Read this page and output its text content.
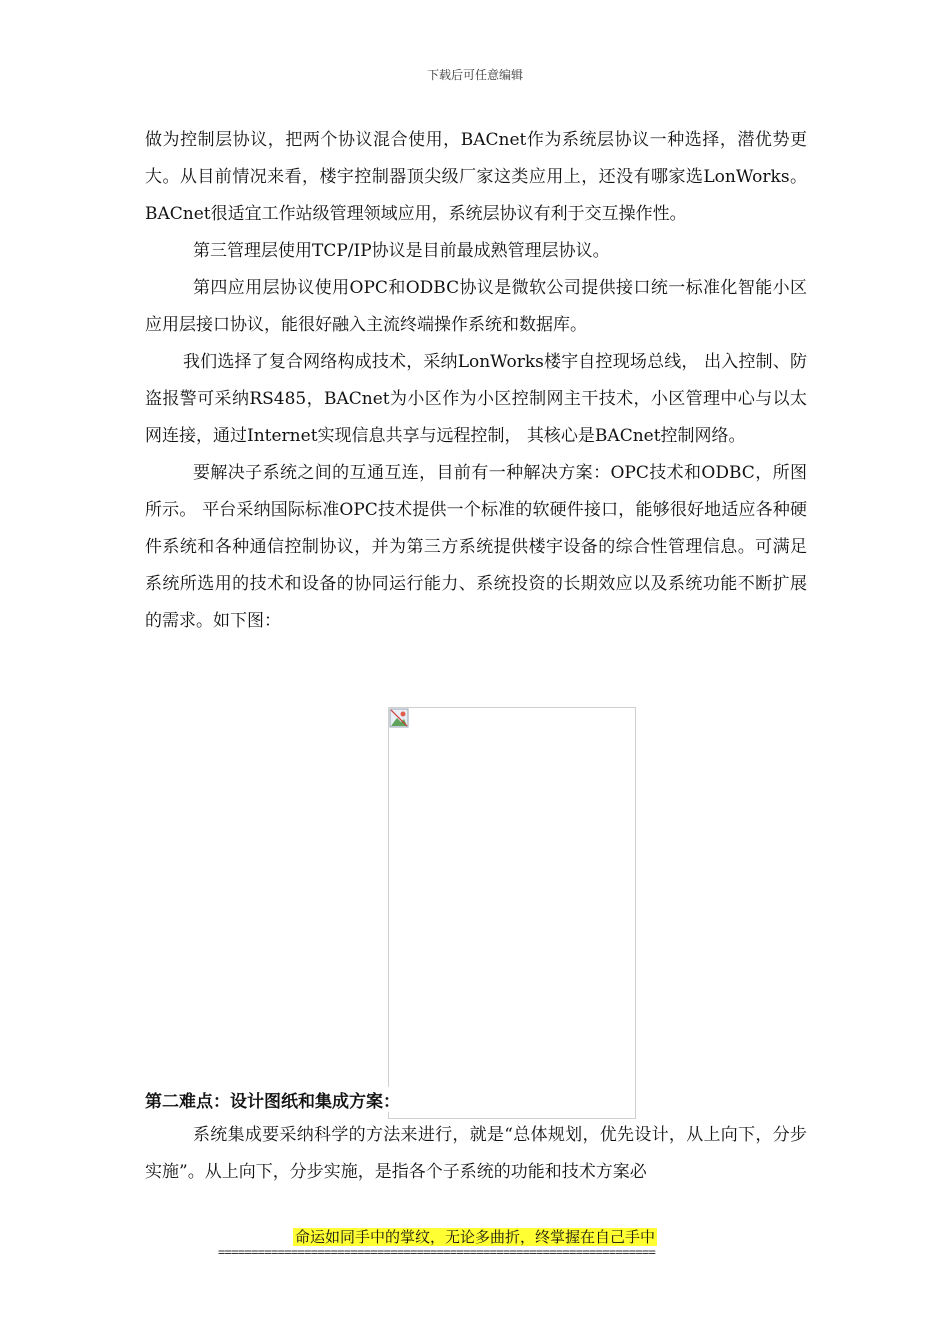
下载后可任意编辑

做为控制层协议，把两个协议混合使用，BACnet作为系统层协议一种选择，潜优势更大。从目前情况来看，楼宇控制器顶尖级厂家这类应用上，还没有哪家选LonWorks。BACnet很适宜工作站级管理领域应用，系统层协议有利于交互操作性。

第三管理层使用TCP/IP协议是目前最成熟管理层协议。

第四应用层协议使用OPC和ODBC协议是微软公司提供接口统一标准化智能小区应用层接口协议，能很好融入主流终端操作系统和数据库。

我们选择了复合网络构成技术，采纳LonWorks楼宇自控现场总线， 出入控制、防盗报警可采纳RS485，BACnet为小区作为小区控制网主干技术，小区管理中心与以太网连接，通过Internet实现信息共享与远程控制， 其核心是BACnet控制网络。

要解决子系统之间的互通互连，目前有一种解决方案：OPC技术和ODBC，所图所示。 平台采纳国际标准OPC技术提供一个标准的软硬件接口，能够很好地适应各种硬件系统和各种通信控制协议，并为第三方系统提供楼宇设备的综合性管理信息。可满足系统所选用的技术和设备的协同运行能力、系统投资的长期效应以及系统功能不断扩展的需求。如下图：

第二难点：设计图纸和集成方案：

系统集成要采纳科学的方法来进行，就是“总体规划，优先设计，从上向下，分步实施”。从上向下，分步实施，是指各个子系统的功能和技术方案必

命运如同手中的掌纹，无论多曲折，终掌握在自己手中
==================================================================
